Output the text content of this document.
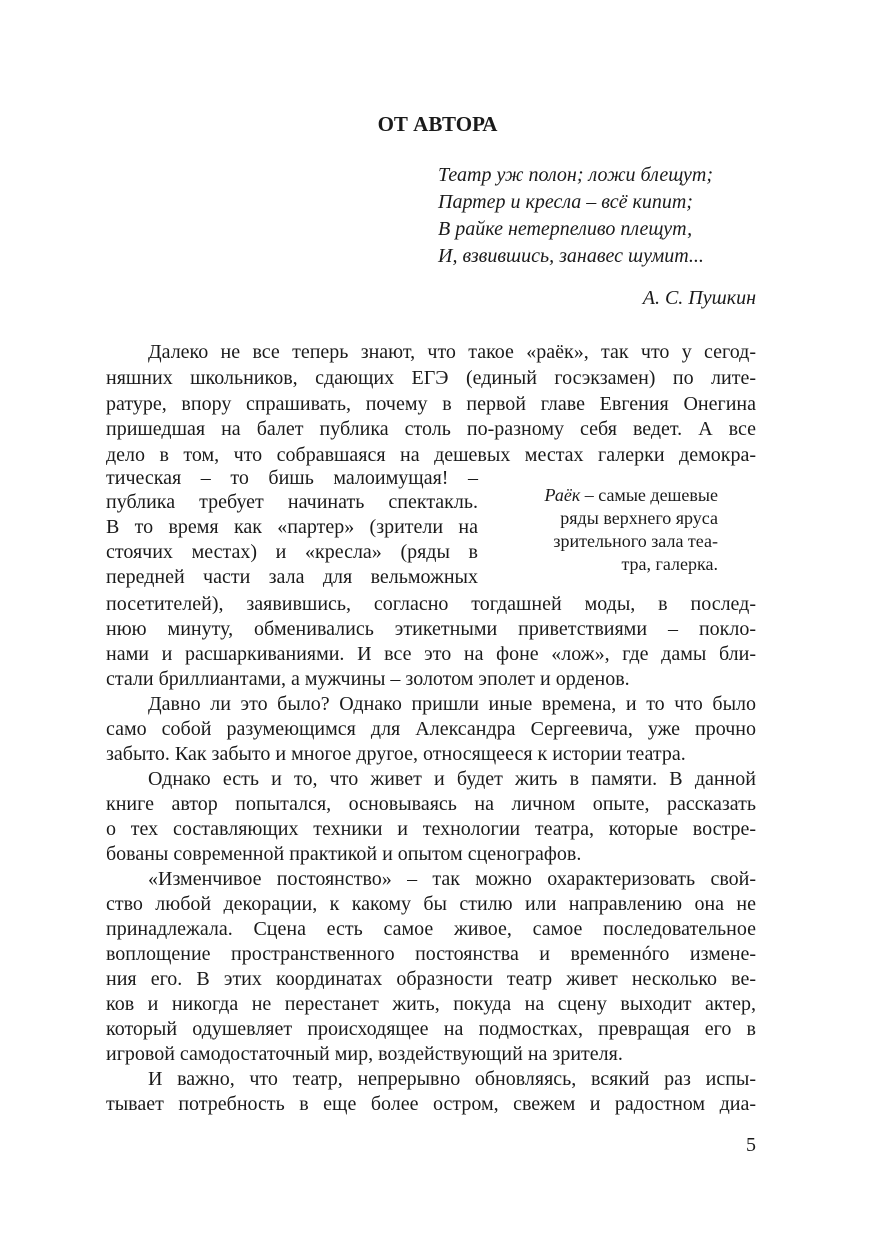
ОТ АВТОРА
Театр уж полон; ложи блещут;
Партер и кресла – всё кипит;
В райке нетерпеливо плещут,
И, взвившись, занавес шумит...
А. С. Пушкин
Далеко не все теперь знают, что такое «раёк», так что у сегод-
няшних школьников, сдающих ЕГЭ (единый госэкзамен) по лите-
ратуре, впору спрашивать, почему в первой главе Евгения Онегина
пришедшая на балет публика столь по-разному себя ведет. А все
дело в том, что собравшаяся на дешевых местах галерки демокра-
тическая – то бишь малоимущая! –
публика требует начинать спектакль.
В то время как «партер» (зрители на
стоячих местах) и «кресла» (ряды в
передней части зала для вельможных
посетителей), заявившись, согласно тогдашней моды, в послед-
нюю минуту, обменивались этикетными приветствиями – покло-
нами и расшаркиваниями. И все это на фоне «лож», где дамы бли-
стали бриллиантами, а мужчины – золотом эполет и орденов.
Давно ли это было? Однако пришли иные времена, и то что было
само собой разумеющимся для Александра Сергеевича, уже прочно
забыто. Как забыто и многое другое, относящееся к истории театра.
Однако есть и то, что живет и будет жить в памяти. В данной
книге автор попытался, основываясь на личном опыте, рассказать
о тех составляющих техники и технологии театра, которые востре-
бованы современной практикой и опытом сценографов.
«Изменчивое постоянство» – так можно охарактеризовать свой-
ство любой декорации, к какому бы стилю или направлению она не
принадлежала. Сцена есть самое живое, самое последовательное
воплощение пространственного постоянства и временнóго измене-
ния его. В этих координатах образности театр живет несколько ве-
ков и никогда не перестанет жить, покуда на сцену выходит актер,
который одушевляет происходящее на подмостках, превращая его в
игровой самодостаточный мир, воздействующий на зрителя.
И важно, что театр, непрерывно обновляясь, всякий раз испы-
тывает потребность в еще более остром, свежем и радостном диа-
Раёк – самые дешевые
ряды верхнего яруса
зрительного зала теа-
тра, галерка.
5
